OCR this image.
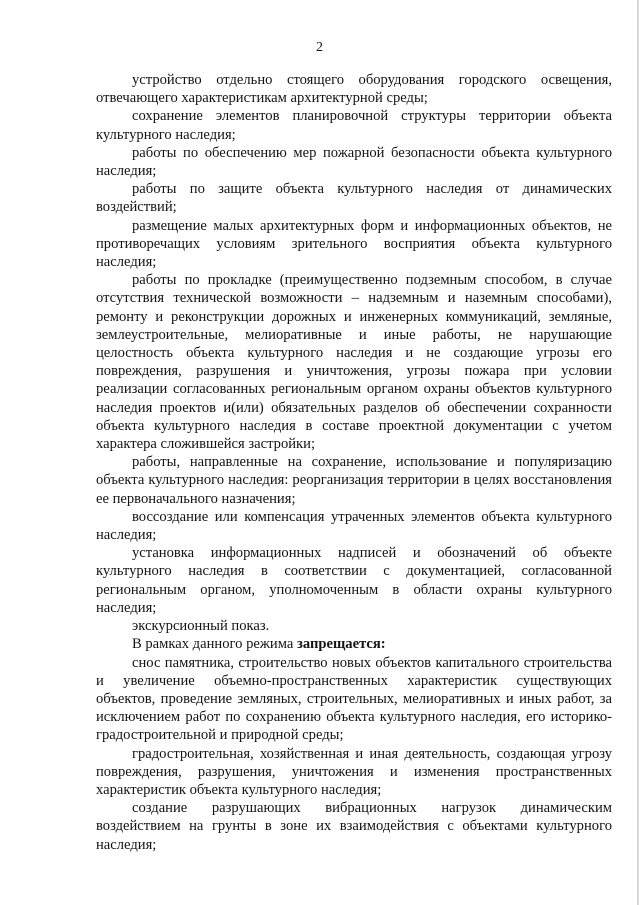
2

устройство отдельно стоящего оборудования городского освещения, отвечающего характеристикам архитектурной среды;

сохранение элементов планировочной структуры территории объекта культурного наследия;

работы по обеспечению мер пожарной безопасности объекта культурного наследия;

работы по защите объекта культурного наследия от динамических воздействий;

размещение малых архитектурных форм и информационных объектов, не противоречащих условиям зрительного восприятия объекта культурного наследия;

работы по прокладке (преимущественно подземным способом, в случае отсутствия технической возможности – надземным и наземным способами), ремонту и реконструкции дорожных и инженерных коммуникаций, земляные, землеустроительные, мелиоративные и иные работы, не нарушающие целостность объекта культурного наследия и не создающие угрозы его повреждения, разрушения и уничтожения, угрозы пожара при условии реализации согласованных региональным органом охраны объектов культурного наследия проектов и(или) обязательных разделов об обеспечении сохранности объекта культурного наследия в составе проектной документации с учетом характера сложившейся застройки;

работы, направленные на сохранение, использование и популяризацию объекта культурного наследия: реорганизация территории в целях восстановления ее первоначального назначения;

воссоздание или компенсация утраченных элементов объекта культурного наследия;

установка информационных надписей и обозначений об объекте культурного наследия в соответствии с документацией, согласованной региональным органом, уполномоченным в области охраны культурного наследия;

экскурсионный показ.

В рамках данного режима запрещается:

снос памятника, строительство новых объектов капитального строительства и увеличение объемно-пространственных характеристик существующих объектов, проведение земляных, строительных, мелиоративных и иных работ, за исключением работ по сохранению объекта культурного наследия, его историко-градостроительной и природной среды;

градостроительная, хозяйственная и иная деятельность, создающая угрозу повреждения, разрушения, уничтожения и изменения пространственных характеристик объекта культурного наследия;

создание разрушающих вибрационных нагрузок динамическим воздействием на грунты в зоне их взаимодействия с объектами культурного наследия;
